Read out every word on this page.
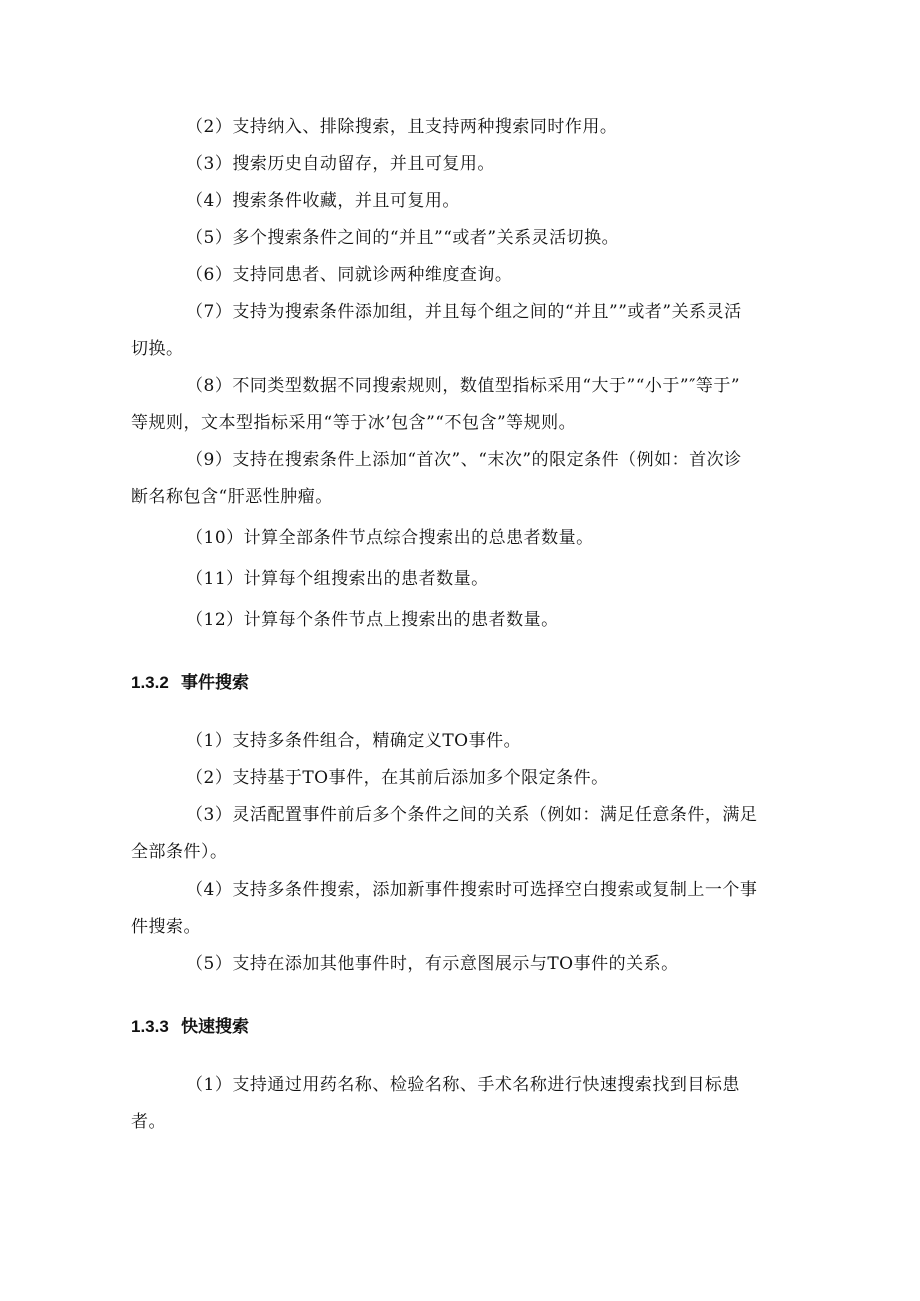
（2）支持纳入、排除搜索，且支持两种搜索同时作用。
（3）搜索历史自动留存，并且可复用。
（4）搜索条件收藏，并且可复用。
（5）多个搜索条件之间的“并且”“或者”关系灵活切换。
（6）支持同患者、同就诊两种维度查询。
（7）支持为搜索条件添加组，并且每个组之间的“并且””或者”关系灵活
切换。
（8）不同类型数据不同搜索规则，数值型指标采用“大于”“小于”″等于”
等规则，文本型指标采用“等于冰’包含”“不包含”等规则。
（9）支持在搜索条件上添加“首次”、“末次”的限定条件（例如：首次诊
断名称包含“肝恶性肿瘤。
（10）计算全部条件节点综合搜索出的总患者数量。
（11）计算每个组搜索出的患者数量。
（12）计算每个条件节点上搜索出的患者数量。
1.3.2 事件搜索
（1）支持多条件组合，精确定义TO事件。
（2）支持基于TO事件，在其前后添加多个限定条件。
（3）灵活配置事件前后多个条件之间的关系（例如：满足任意条件，满足
全部条件）。
（4）支持多条件搜索，添加新事件搜索时可选择空白搜索或复制上一个事
件搜索。
（5）支持在添加其他事件时，有示意图展示与TO事件的关系。
1.3.3 快速搜索
（1）支持通过用药名称、检验名称、手术名称进行快速搜索找到目标患
者。
